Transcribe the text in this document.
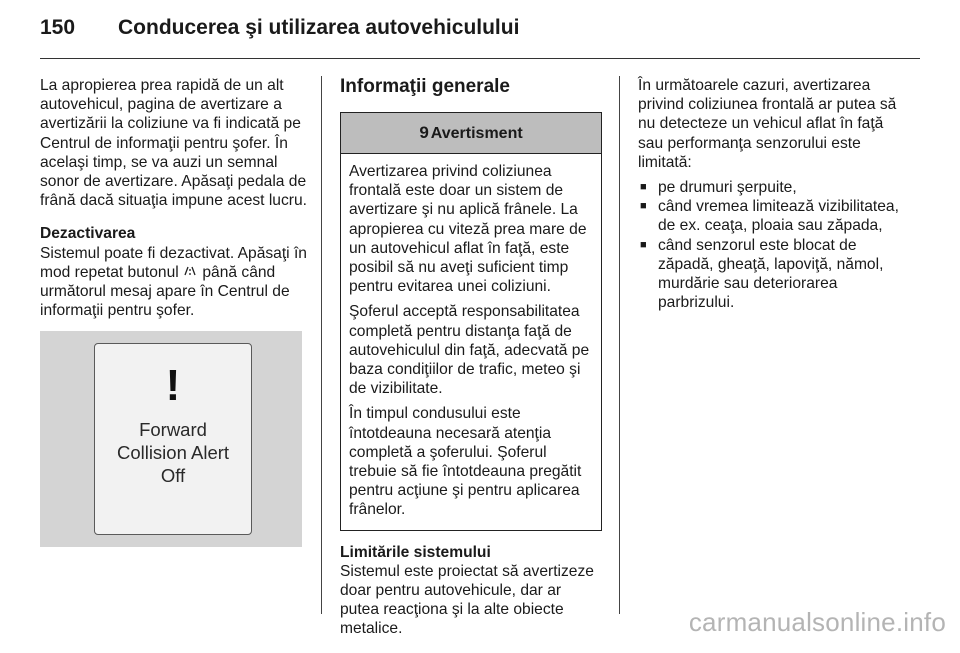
150 Conducerea şi utilizarea autovehiculului

La apropierea prea rapidă de un alt autovehicul, pagina de avertizare a avertizării la coliziune va fi indicată pe Centrul de informaţii pentru şofer. În acelaşi timp, se va auzi un semnal sonor de avertizare. Apăsaţi pedala de frână dacă situaţia impune acest lucru.

Dezactivarea

Sistemul poate fi dezactivat. Apăsaţi în mod repetat butonul  până când următorul mesaj apare în Centrul de informaţii pentru şofer.

!
Forward
Collision Alert
Off
Informaţii generale
9 Avertisment

Avertizarea privind coliziunea frontală este doar un sistem de avertizare şi nu aplică frânele. La apropierea cu viteză prea mare de un autovehicul aflat în faţă, este posibil să nu aveţi suficient timp pentru evitarea unei coliziuni.

Şoferul acceptă responsabilitatea completă pentru distanţa faţă de autovehiculul din faţă, adecvată pe baza condiţiilor de trafic, meteo şi de vizibilitate.

În timpul condusului este întotdeauna necesară atenţia completă a şoferului. Şoferul trebuie să fie întotdeauna pregătit pentru acţiune şi pentru aplicarea frânelor.

Limitările sistemului

Sistemul este proiectat să avertizeze doar pentru autovehicule, dar ar putea reacţiona şi la alte obiecte metalice.

În următoarele cazuri, avertizarea privind coliziunea frontală ar putea să nu detecteze un vehicul aflat în faţă sau performanţa senzorului este limitată:

■ pe drumuri şerpuite,
■ când vremea limitează vizibilitatea, de ex. ceaţa, ploaia sau zăpada,
■ când senzorul este blocat de zăpadă, gheaţă, lapoviţă, nămol, murdărie sau deteriorarea parbrizului.
carmanualsonline.info
